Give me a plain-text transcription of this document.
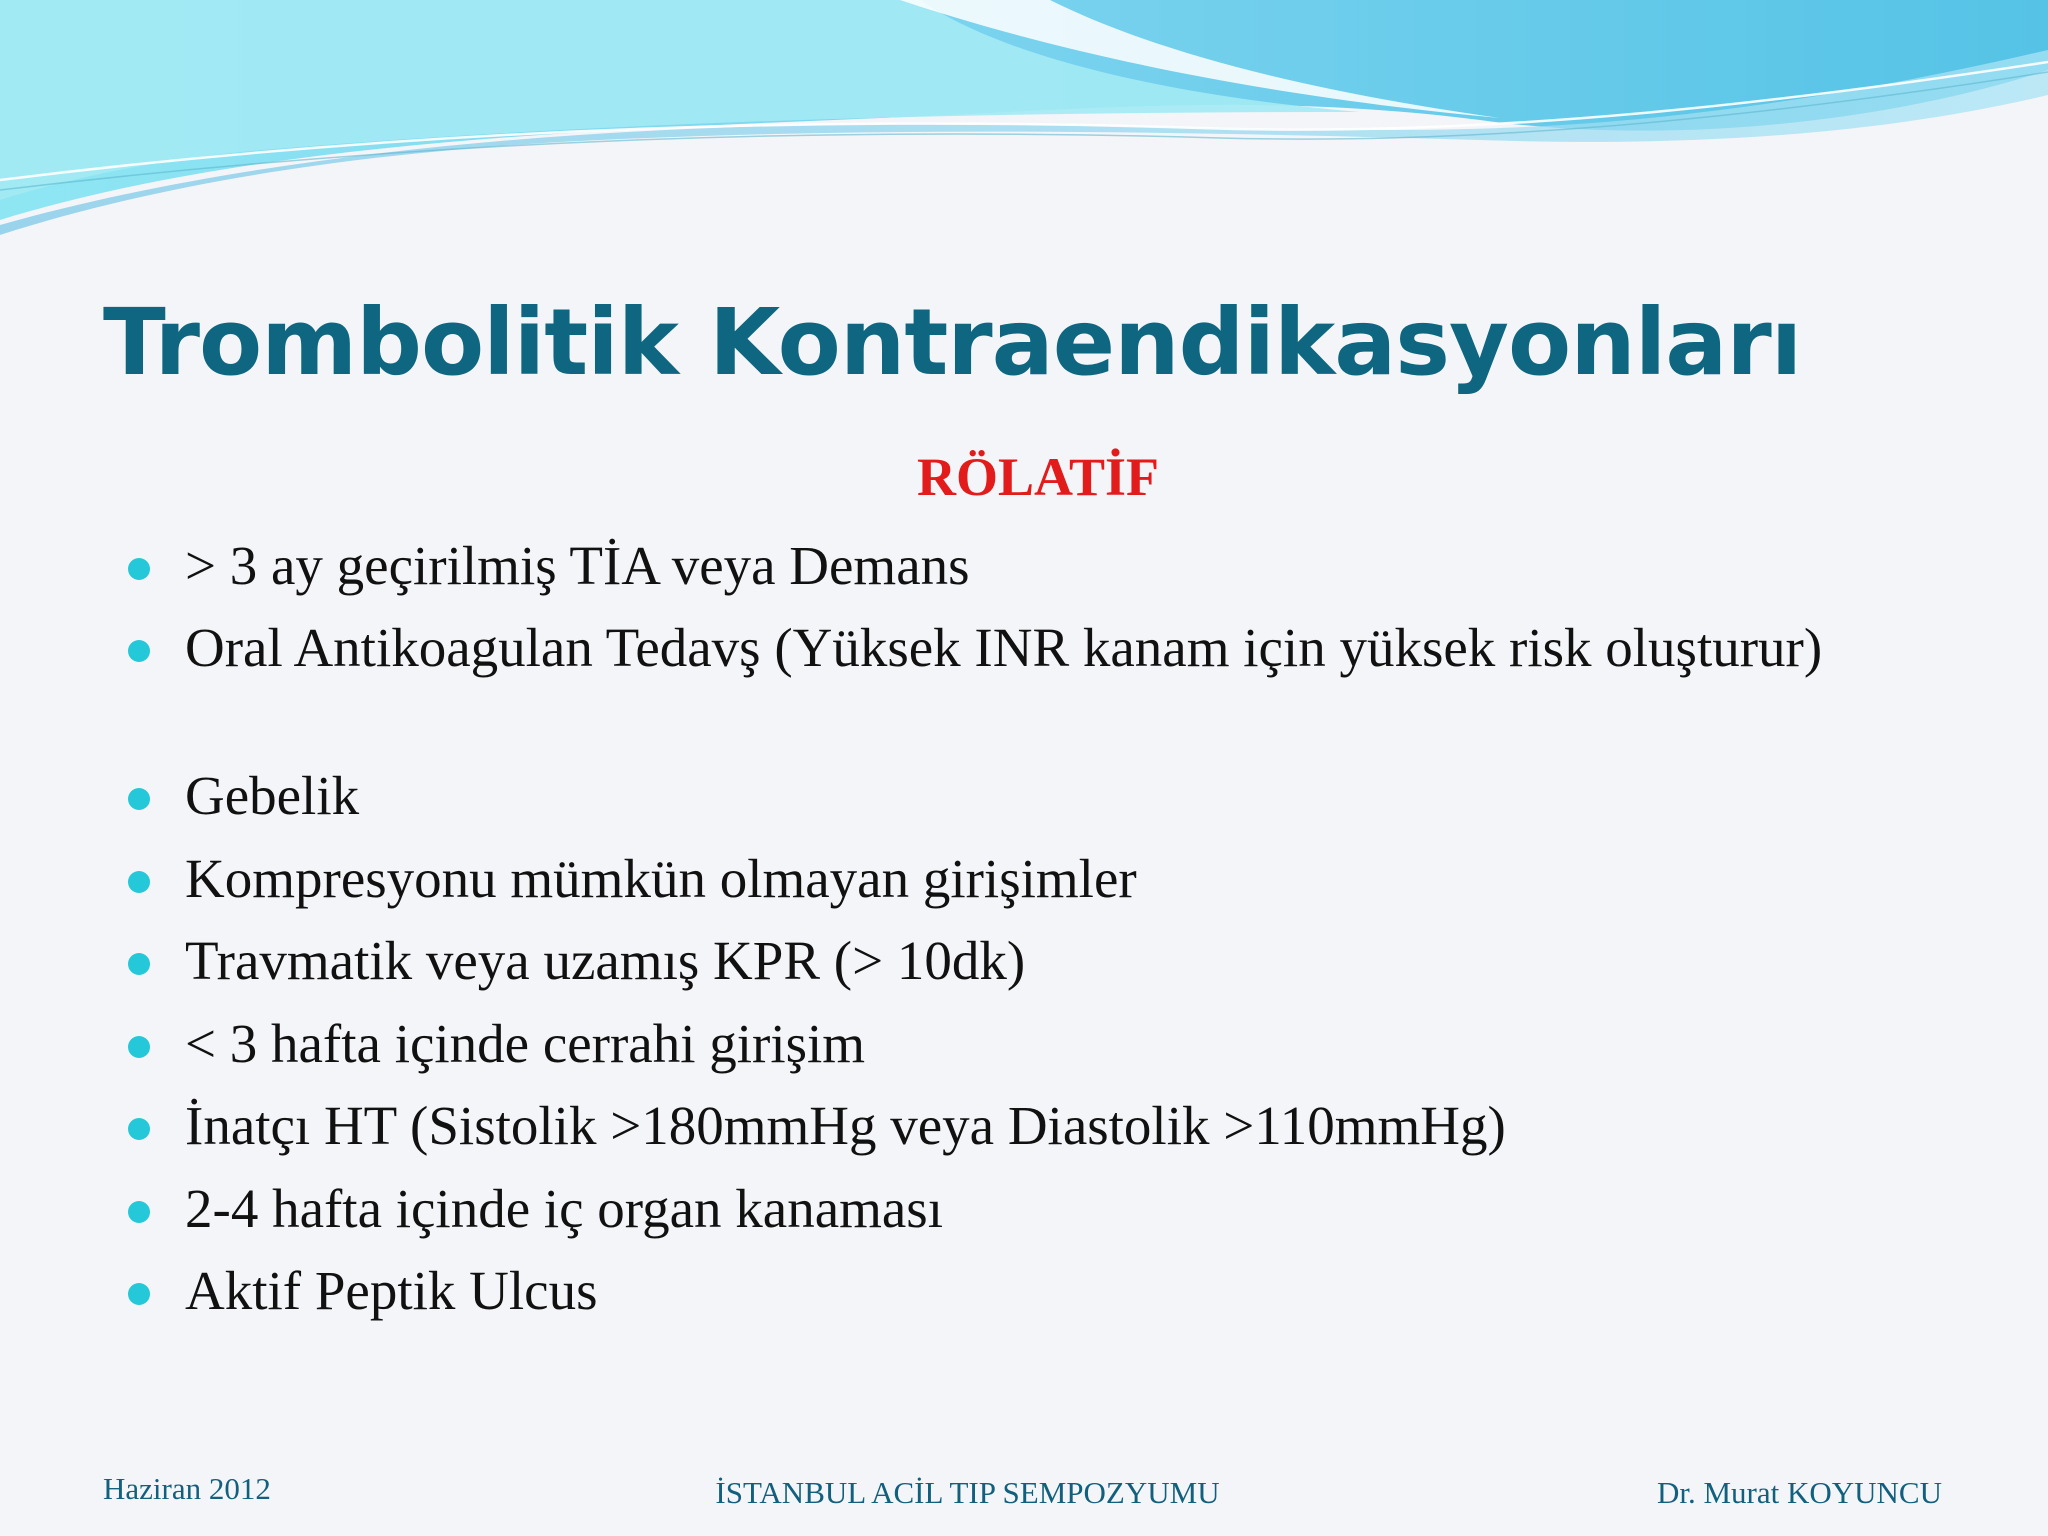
Trombolitik Kontraendikasyonları
RÖLATİF
> 3 ay geçirilmiş TİA veya Demans
Oral Antikoagulan Tedavş (Yüksek INR kanam için yüksek risk oluşturur)
Gebelik
Kompresyonu mümkün olmayan girişimler
Travmatik veya uzamış KPR (> 10dk)
< 3 hafta içinde cerrahi girişim
İnatçı HT (Sistolik >180mmHg veya Diastolik >110mmHg)
2-4 hafta içinde iç organ kanaması
Aktif Peptik Ulcus
Haziran 2012	İSTANBUL ACİL TIP SEMPOZYUMU	Dr. Murat KOYUNCU
